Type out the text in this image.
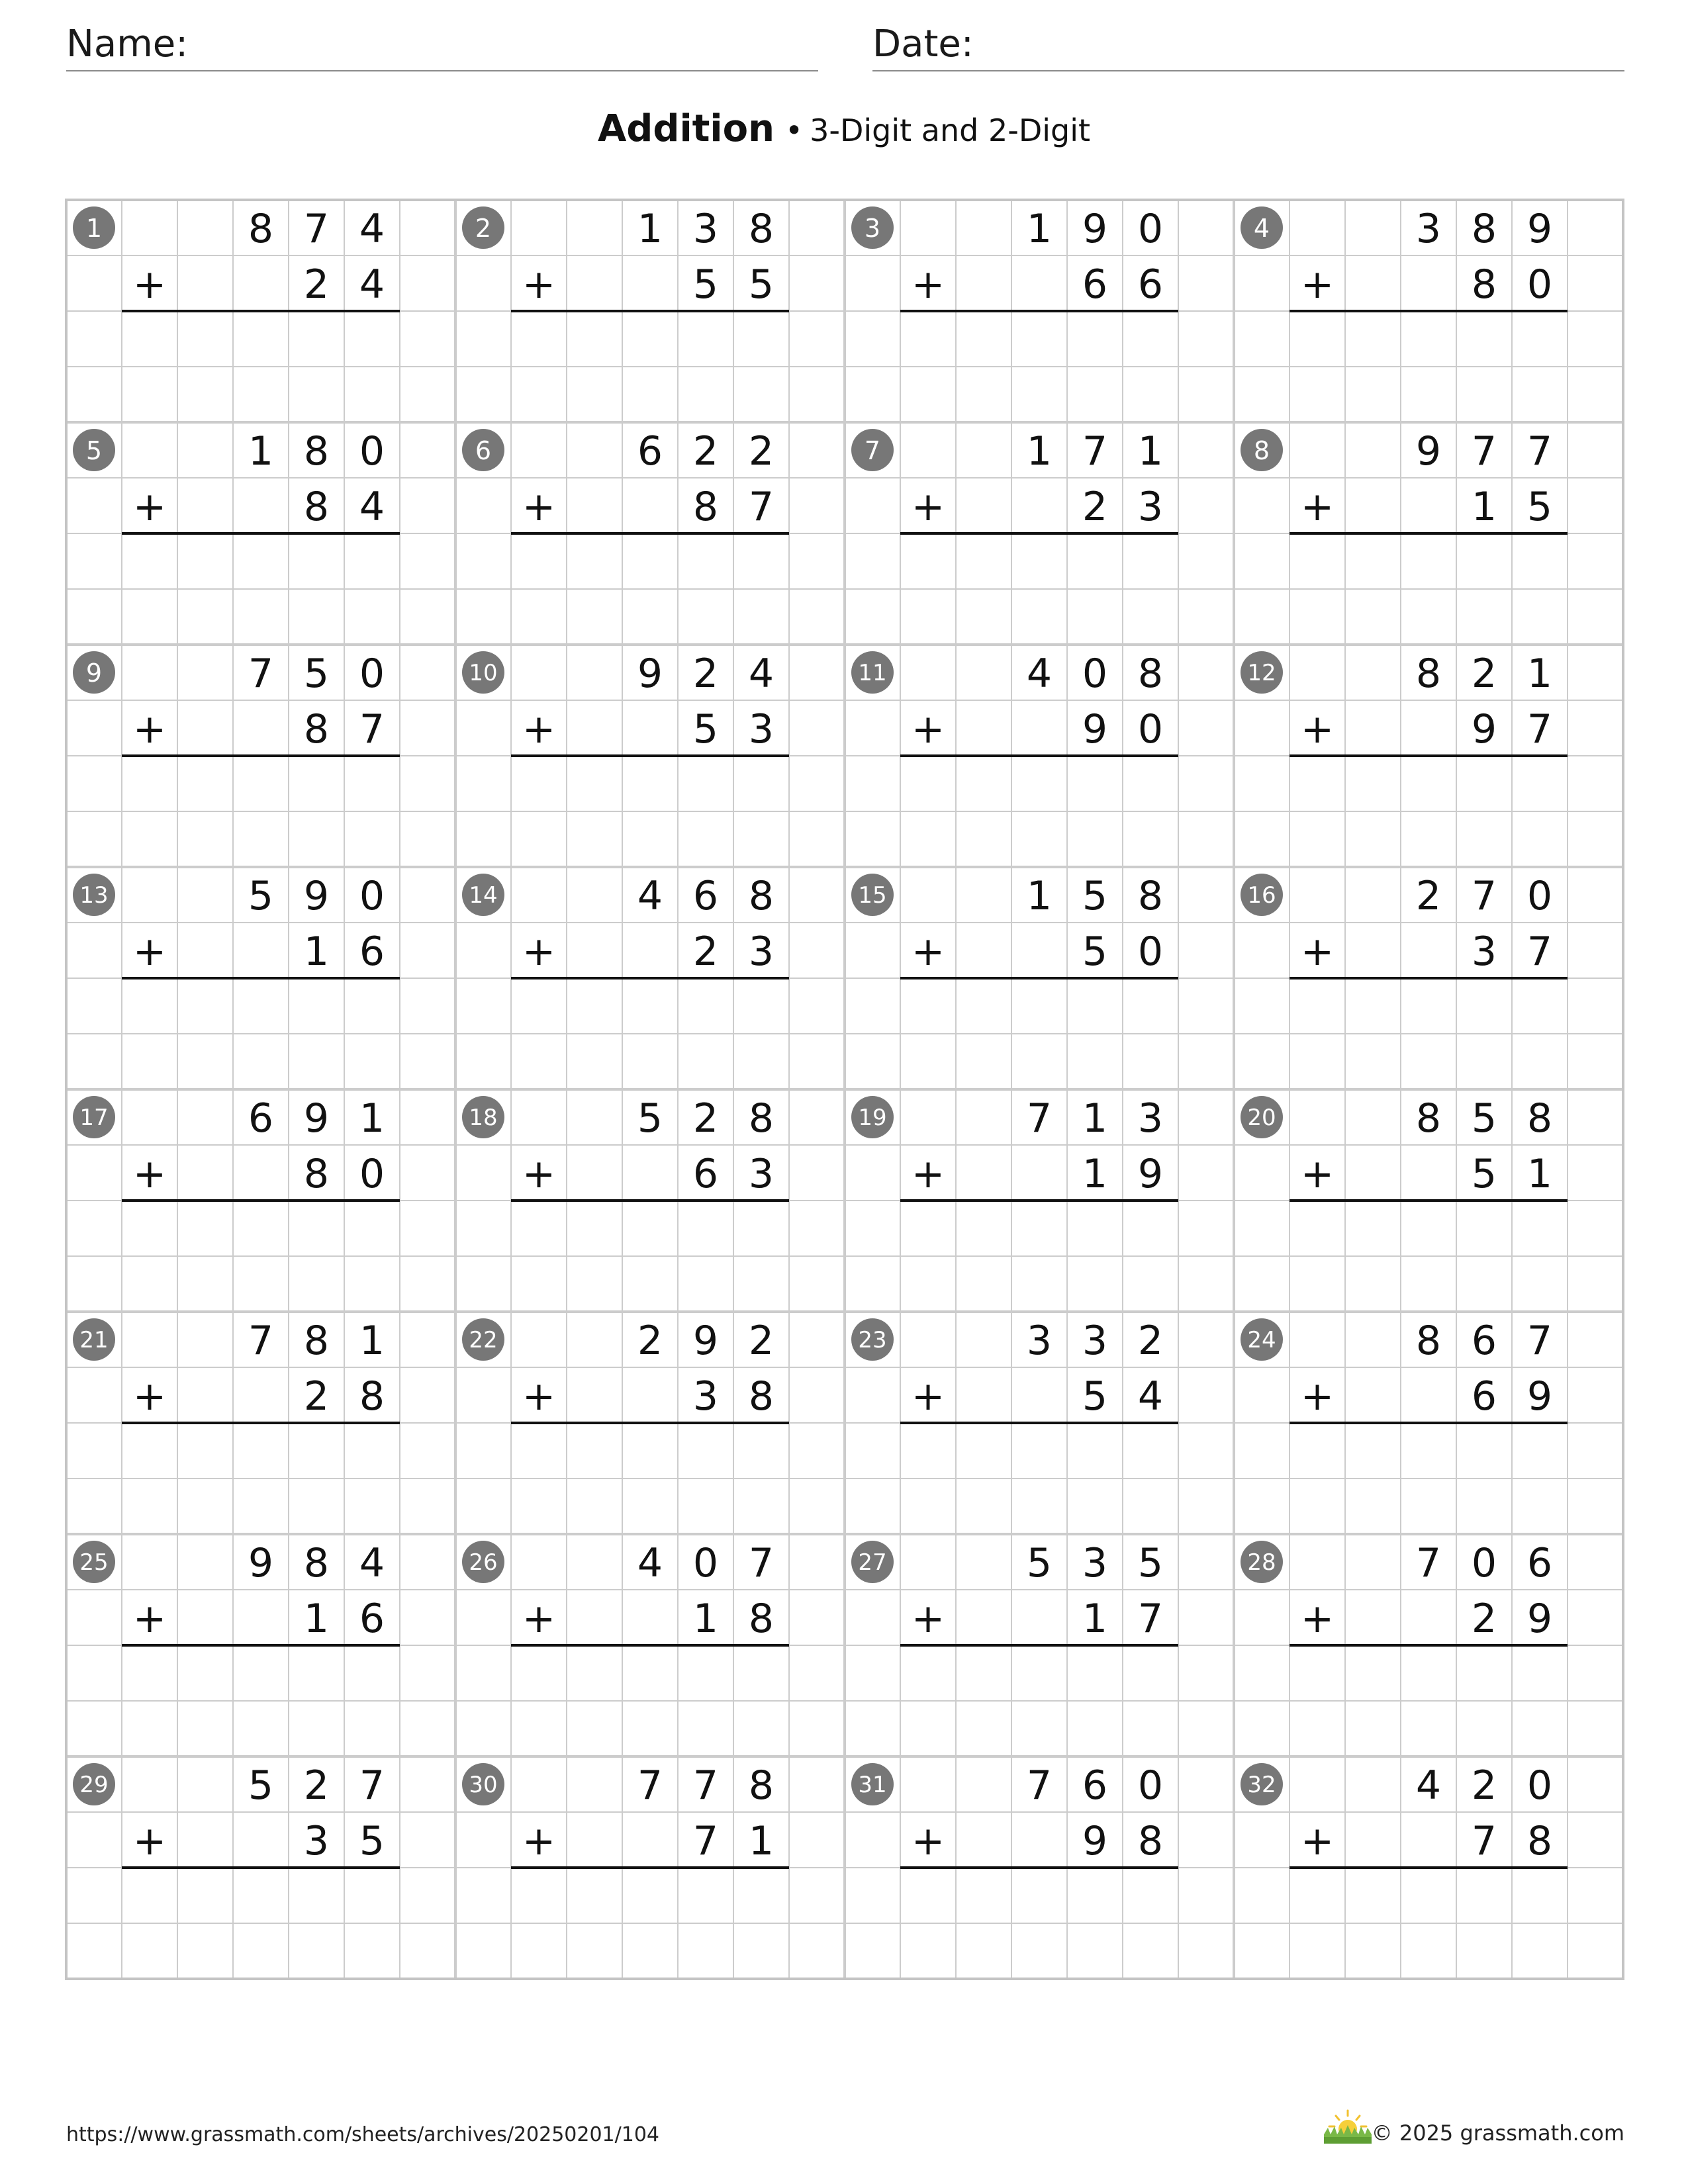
Name:	Date:
Addition • 3-Digit and 2-Digit
1	8 7 4
+	2 4
2	1 3 8
+	5 5
3	1 9 0
+	6 6
4	3 8 9
+	8 0
5	1 8 0
+	8 4
6	6 2 2
+	8 7
7	1 7 1
+	2 3
8	9 7 7
+	1 5
9	7 5 0
+	8 7
10	9 2 4
+	5 3
11	4 0 8
+	9 0
12	8 2 1
+	9 7
13	5 9 0
+	1 6
14	4 6 8
+	2 3
15	1 5 8
+	5 0
16	2 7 0
+	3 7
17	6 9 1
+	8 0
18	5 2 8
+	6 3
19	7 1 3
+	1 9
20	8 5 8
+	5 1
21	7 8 1
+	2 8
22	2 9 2
+	3 8
23	3 3 2
+	5 4
24	8 6 7
+	6 9
25	9 8 4
+	1 6
26	4 0 7
+	1 8
27	5 3 5
+	1 7
28	7 0 6
+	2 9
29	5 2 7
+	3 5
30	7 7 8
+	7 1
31	7 6 0
+	9 8
32	4 2 0
+	7 8
https://www.grassmath.com/sheets/archives/20250201/104	© 2025 grassmath.com
